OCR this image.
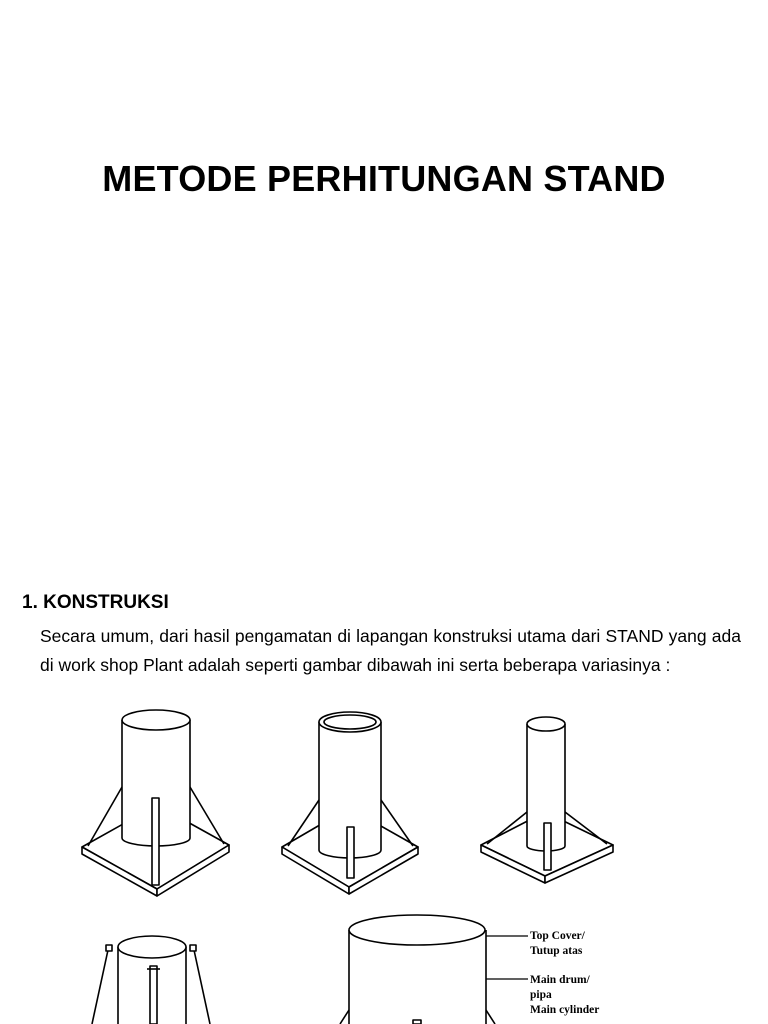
METODE PERHITUNGAN STAND
1. KONSTRUKSI
Secara umum, dari hasil pengamatan di lapangan konstruksi utama dari STAND yang ada di work shop Plant adalah seperti gambar dibawah ini serta beberapa variasinya :
Top Cover/
Tutup atas
Main drum/
pipa
Main cylinder
